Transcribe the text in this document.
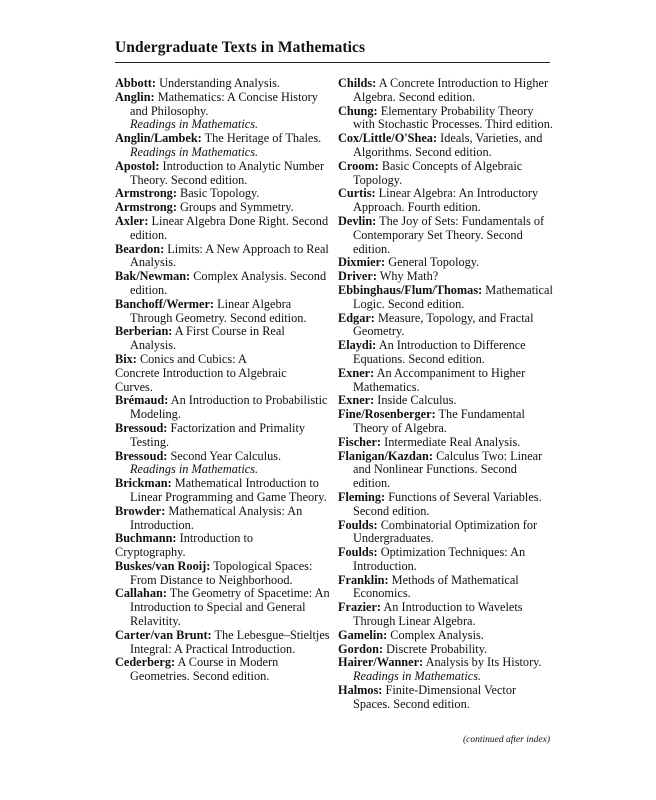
Undergraduate Texts in Mathematics
Abbott: Understanding Analysis.
Anglin: Mathematics: A Concise History and Philosophy.
Readings in Mathematics.
Anglin/Lambek: The Heritage of Thales.
Readings in Mathematics.
Apostol: Introduction to Analytic Number Theory. Second edition.
Armstrong: Basic Topology.
Armstrong: Groups and Symmetry.
Axler: Linear Algebra Done Right. Second edition.
Beardon: Limits: A New Approach to Real Analysis.
Bak/Newman: Complex Analysis. Second edition.
Banchoff/Wermer: Linear Algebra Through Geometry. Second edition.
Berberian: A First Course in Real Analysis.
Bix: Conics and Cubics: A
Concrete Introduction to Algebraic
Curves.
Brémaud: An Introduction to Probabilistic Modeling.
Bressoud: Factorization and Primality Testing.
Bressoud: Second Year Calculus.
Readings in Mathematics.
Brickman: Mathematical Introduction to Linear Programming and Game Theory.
Browder: Mathematical Analysis: An Introduction.
Buchmann: Introduction to
Cryptography.
Buskes/van Rooij: Topological Spaces: From Distance to Neighborhood.
Callahan: The Geometry of Spacetime: An Introduction to Special and General Relavitity.
Carter/van Brunt: The Lebesgue–Stieltjes Integral: A Practical Introduction.
Cederberg: A Course in Modern Geometries. Second edition.
Childs: A Concrete Introduction to Higher Algebra. Second edition.
Chung: Elementary Probability Theory with Stochastic Processes. Third edition.
Cox/Little/O'Shea: Ideals, Varieties, and Algorithms. Second edition.
Croom: Basic Concepts of Algebraic Topology.
Curtis: Linear Algebra: An Introductory Approach. Fourth edition.
Devlin: The Joy of Sets: Fundamentals of Contemporary Set Theory. Second edition.
Dixmier: General Topology.
Driver: Why Math?
Ebbinghaus/Flum/Thomas: Mathematical Logic. Second edition.
Edgar: Measure, Topology, and Fractal Geometry.
Elaydi: An Introduction to Difference Equations. Second edition.
Exner: An Accompaniment to Higher Mathematics.
Exner: Inside Calculus.
Fine/Rosenberger: The Fundamental Theory of Algebra.
Fischer: Intermediate Real Analysis.
Flanigan/Kazdan: Calculus Two: Linear and Nonlinear Functions. Second edition.
Fleming: Functions of Several Variables. Second edition.
Foulds: Combinatorial Optimization for Undergraduates.
Foulds: Optimization Techniques: An Introduction.
Franklin: Methods of Mathematical Economics.
Frazier: An Introduction to Wavelets Through Linear Algebra.
Gamelin: Complex Analysis.
Gordon: Discrete Probability.
Hairer/Wanner: Analysis by Its History.
Readings in Mathematics.
Halmos: Finite-Dimensional Vector Spaces. Second edition.
(continued after index)
